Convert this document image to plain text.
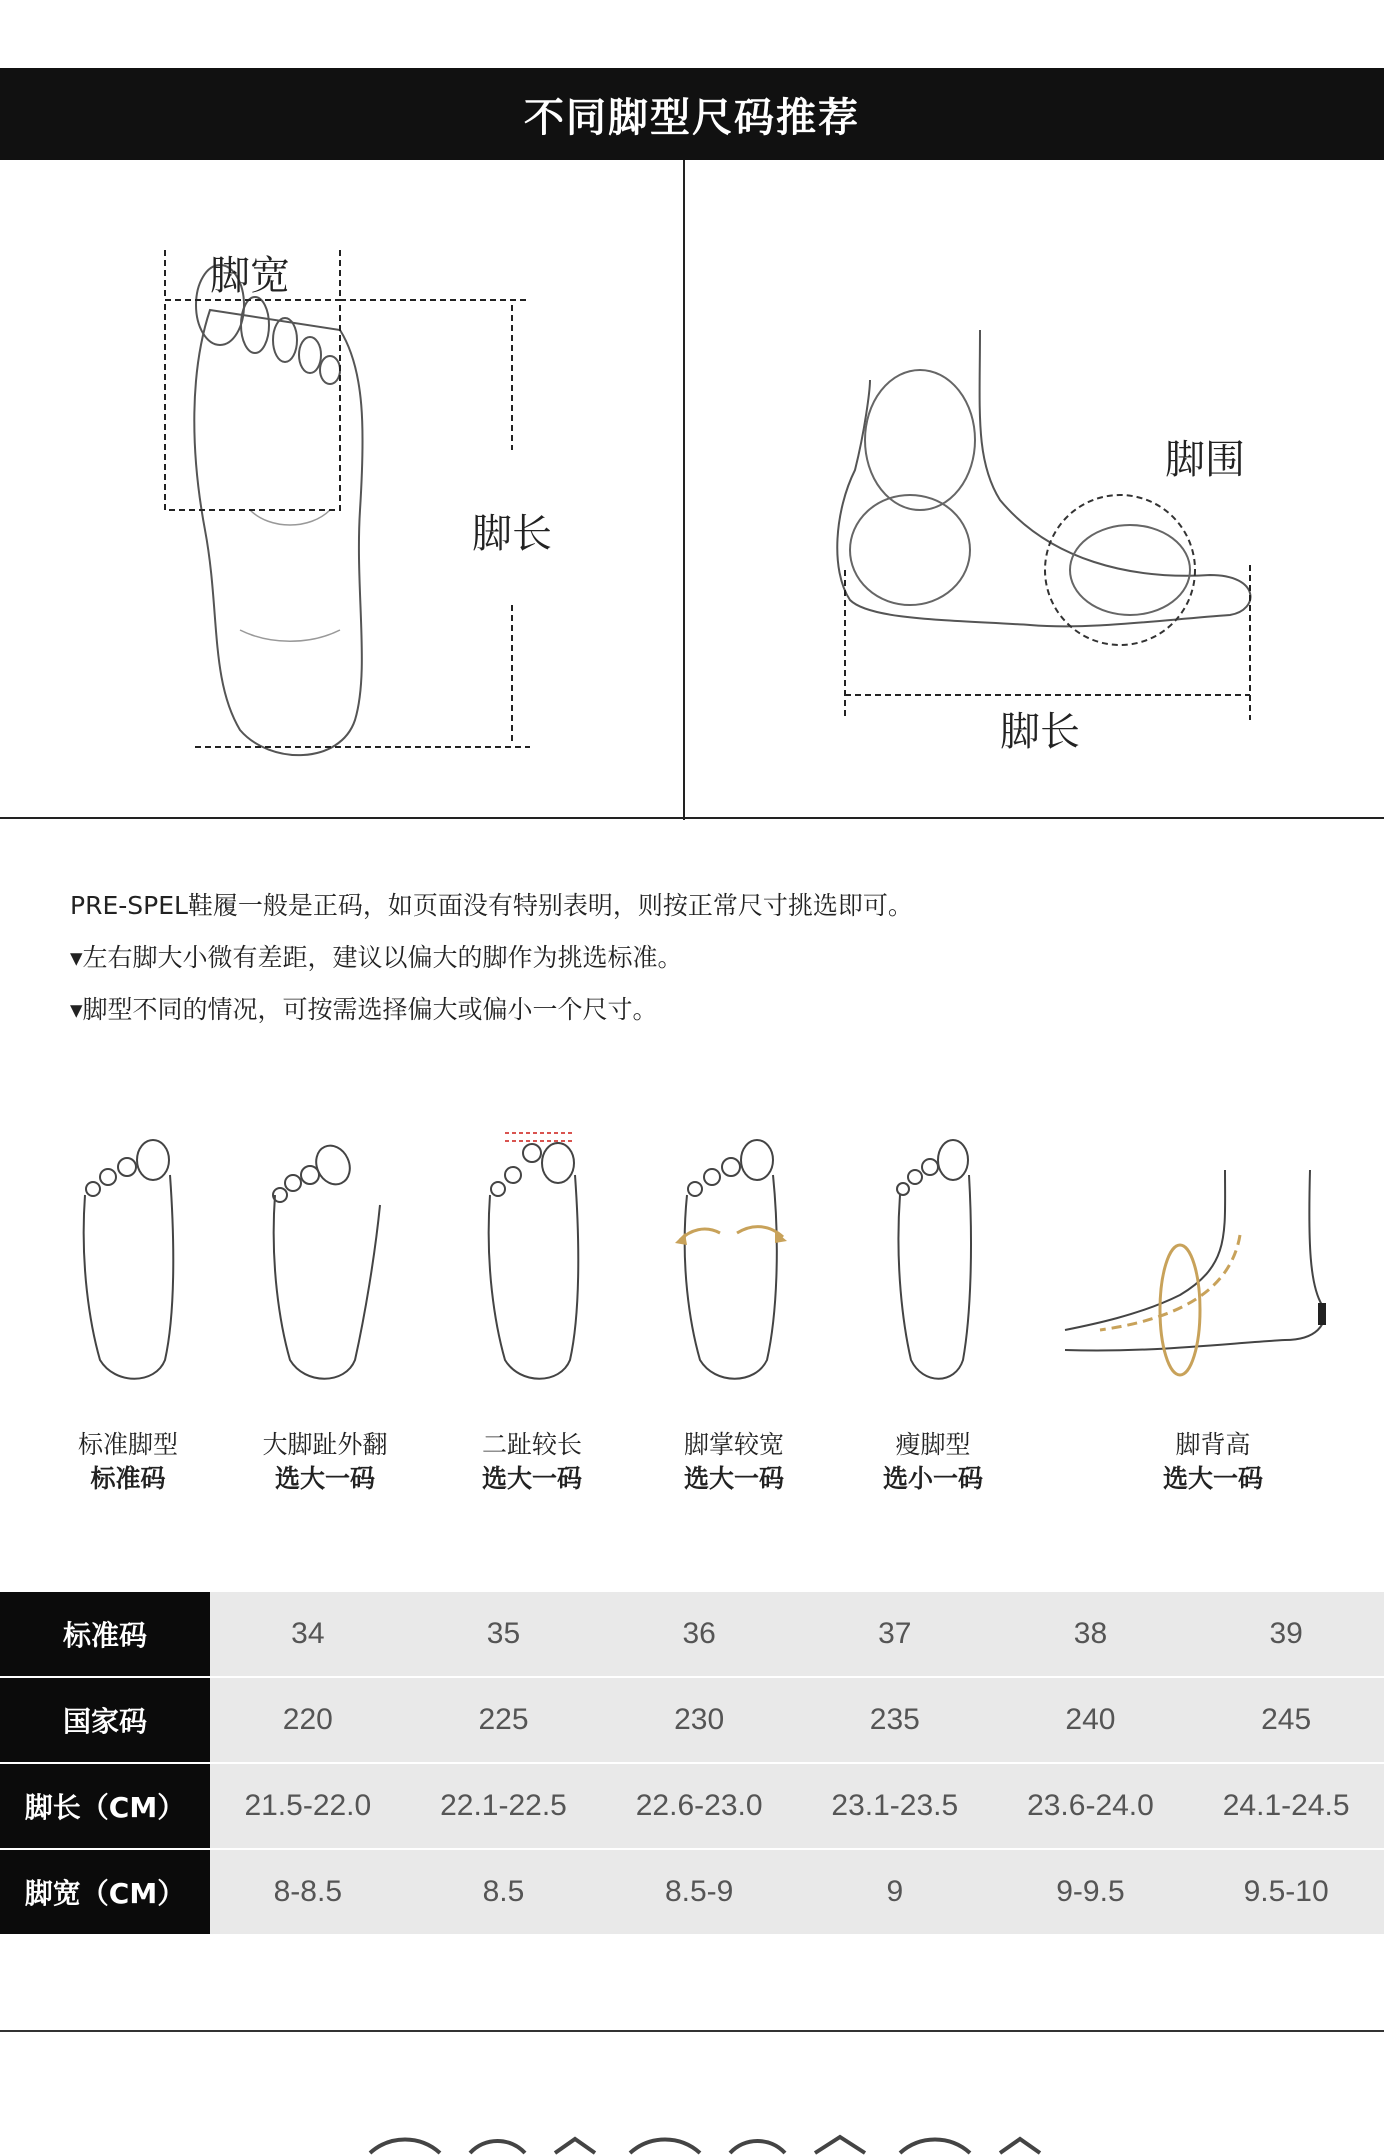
不同脚型尺码推荐
脚宽
脚长
脚围
脚长
PRE-SPEL鞋履一般是正码，如页面没有特别表明，则按正常尺寸挑选即可。
▾左右脚大小微有差距，建议以偏大的脚作为挑选标准。
▾脚型不同的情况，可按需选择偏大或偏小一个尺寸。
标准脚型
标准码
大脚趾外翻
选大一码
二趾较长
选大一码
脚掌较宽
选大一码
瘦脚型
选小一码
脚背高
选大一码
标准码	34	35	36	37	38	39
国家码	220	225	230	235	240	245
脚长（CM）	21.5-22.0	22.1-22.5	22.6-23.0	23.1-23.5	23.6-24.0	24.1-24.5
脚宽（CM）	8-8.5	8.5	8.5-9	9	9-9.5	9.5-10
